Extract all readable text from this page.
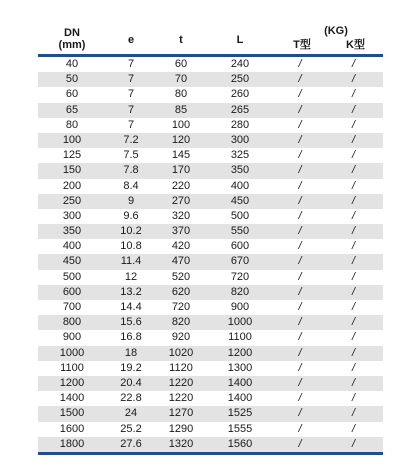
DN
(mm)	e	t	L
(KG)
T型	K型
40	7	60	240	/	/
50	7	70	250	/	/
60	7	80	260	/	/
65	7	85	265	/	/
80	7	100	280	/	/
100	7.2	120	300	/	/
125	7.5	145	325	/	/
150	7.8	170	350	/	/
200	8.4	220	400	/	/
250	9	270	450	/	/
300	9.6	320	500	/	/
350	10.2	370	550	/	/
400	10.8	420	600	/	/
450	11.4	470	670	/	/
500	12	520	720	/	/
600	13.2	620	820	/	/
700	14.4	720	900	/	/
800	15.6	820	1000	/	/
900	16.8	920	1100	/	/
1000	18	1020	1200	/	/
1100	19.2	1120	1300	/	/
1200	20.4	1220	1400	/	/
1400	22.8	1220	1400	/	/
1500	24	1270	1525	/	/
1600	25.2	1290	1555	/	/
1800	27.6	1320	1560	/	/
